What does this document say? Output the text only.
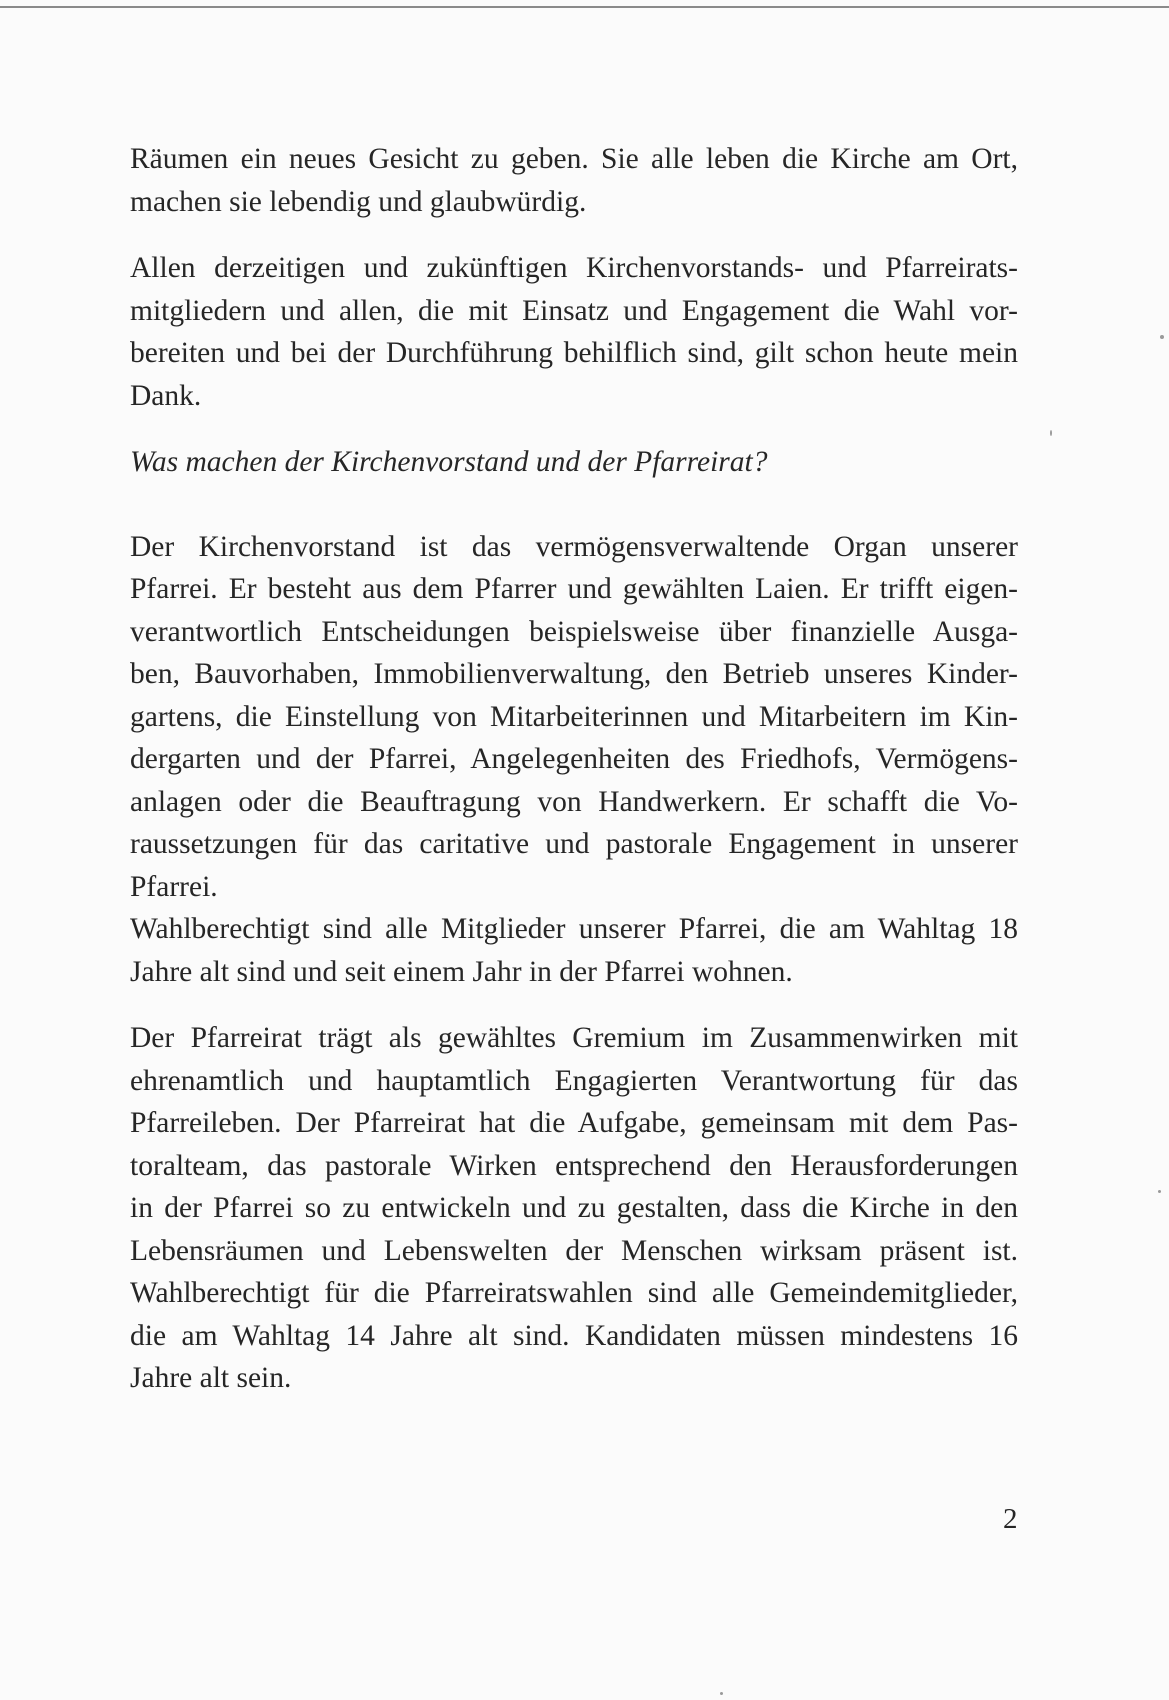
Räumen ein neues Gesicht zu geben. Sie alle leben die Kirche am Ort,
machen sie lebendig und glaubwürdig.
Allen derzeitigen und zukünftigen Kirchenvorstands- und Pfarreirats-
mitgliedern und allen, die mit Einsatz und Engagement die Wahl vor-
bereiten und bei der Durchführung behilflich sind, gilt schon heute mein
Dank.

Was machen der Kirchenvorstand und der Pfarreirat?

Der Kirchenvorstand ist das vermögensverwaltende Organ unserer
Pfarrei. Er besteht aus dem Pfarrer und gewählten Laien. Er trifft eigen-
verantwortlich Entscheidungen beispielsweise über finanzielle Ausga-
ben, Bauvorhaben, Immobilienverwaltung, den Betrieb unseres Kinder-
gartens, die Einstellung von Mitarbeiterinnen und Mitarbeitern im Kin-
dergarten und der Pfarrei, Angelegenheiten des Friedhofs, Vermögens-
anlagen oder die Beauftragung von Handwerkern. Er schafft die Vo-
raussetzungen für das caritative und pastorale Engagement in unserer
Pfarrei.
Wahlberechtigt sind alle Mitglieder unserer Pfarrei, die am Wahltag 18
Jahre alt sind und seit einem Jahr in der Pfarrei wohnen.
Der Pfarreirat trägt als gewähltes Gremium im Zusammenwirken mit
ehrenamtlich und hauptamtlich Engagierten Verantwortung für das
Pfarreileben. Der Pfarreirat hat die Aufgabe, gemeinsam mit dem Pas-
toralteam, das pastorale Wirken entsprechend den Herausforderungen
in der Pfarrei so zu entwickeln und zu gestalten, dass die Kirche in den
Lebensräumen und Lebenswelten der Menschen wirksam präsent ist.
Wahlberechtigt für die Pfarreiratswahlen sind alle Gemeindemitglieder,
die am Wahltag 14 Jahre alt sind. Kandidaten müssen mindestens 16
Jahre alt sein.
2
